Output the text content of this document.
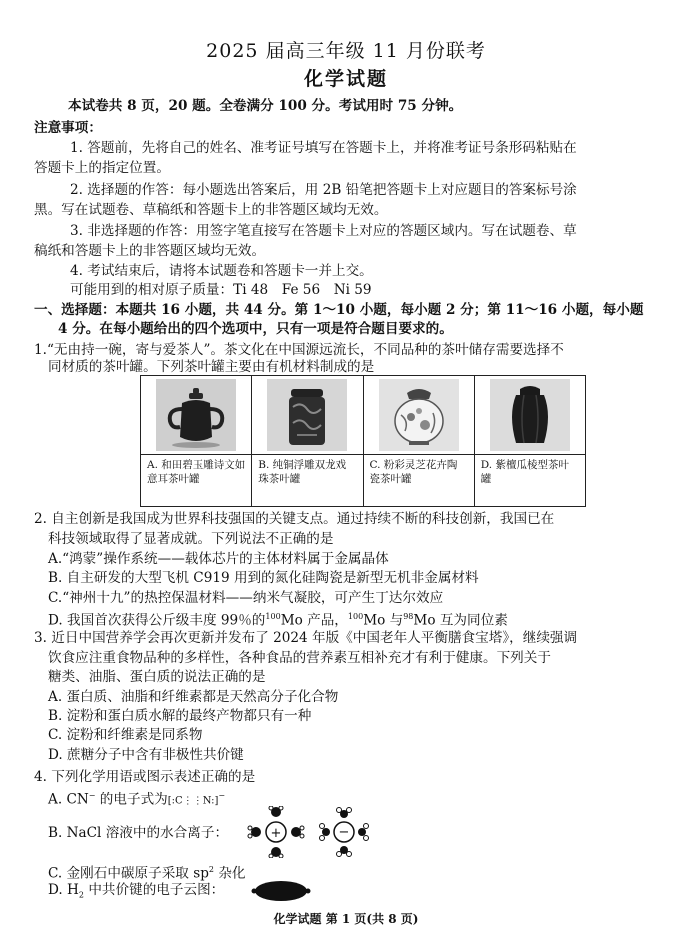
2025 届高三年级 11 月份联考
化学试题
本试卷共 8 页，20 题。全卷满分 100 分。考试用时 75 分钟。
注意事项：
1. 答题前，先将自己的姓名、准考证号填写在答题卡上，并将准考证号条形码粘贴在
答题卡上的指定位置。
2. 选择题的作答：每小题选出答案后，用 2B 铅笔把答题卡上对应题目的答案标号涂
黑。写在试题卷、草稿纸和答题卡上的非答题区域均无效。
3. 非选择题的作答：用签字笔直接写在答题卡上对应的答题区域内。写在试题卷、草
稿纸和答题卡上的非答题区域均无效。
4. 考试结束后，请将本试题卷和答题卡一并上交。
可能用到的相对原子质量：Ti 48　Fe 56　Ni 59
一、选择题：本题共 16 小题，共 44 分。第 1～10 小题，每小题 2 分；第 11～16 小题，每小题
4 分。在每小题给出的四个选项中，只有一项是符合题目要求的。
1.“无由持一碗，寄与爱茶人”。茶文化在中国源远流长，不同品种的茶叶储存需要选择不
同材质的茶叶罐。下列茶叶罐主要由有机材料制成的是
A. 和田碧玉雕诗文如意耳茶叶罐
B. 纯铜浮雕双龙戏珠茶叶罐
C. 粉彩灵芝花卉陶瓷茶叶罐
D. 紫檀瓜棱型茶叶罐
2. 自主创新是我国成为世界科技强国的关键支点。通过持续不断的科技创新，我国已在
科技领域取得了显著成就。下列说法不正确的是
A.“鸿蒙”操作系统——载体芯片的主体材料属于金属晶体
B. 自主研发的大型飞机 C919 用到的氮化硅陶瓷是新型无机非金属材料
C.“神州十九”的热控保温材料——纳米气凝胶，可产生丁达尔效应
D. 我国首次获得公斤级丰度 99％的$^{100}$Mo 产品，$^{100}$Mo 与$^{98}$Mo 互为同位素
3. 近日中国营养学会再次更新并发布了 2024 年版《中国老年人平衡膳食宝塔》，继续强调
饮食应注重食物品种的多样性，各种食品的营养素互相补充才有利于健康。下列关于
糖类、油脂、蛋白质的说法正确的是
A. 蛋白质、油脂和纤维素都是天然高分子化合物
B. 淀粉和蛋白质水解的最终产物都只有一种
C. 淀粉和纤维素是同系物
D. 蔗糖分子中含有非极性共价键
4. 下列化学用语或图示表述正确的是
A. CN− 的电子式为[:C⋮⋮N:]−
B. NaCl 溶液中的水合离子：	+	−
C. 金刚石中碳原子采取 $sp^2$ 杂化
D. $H_2$ 中共价键的电子云图：
化学试题 第 1 页(共 8 页)
